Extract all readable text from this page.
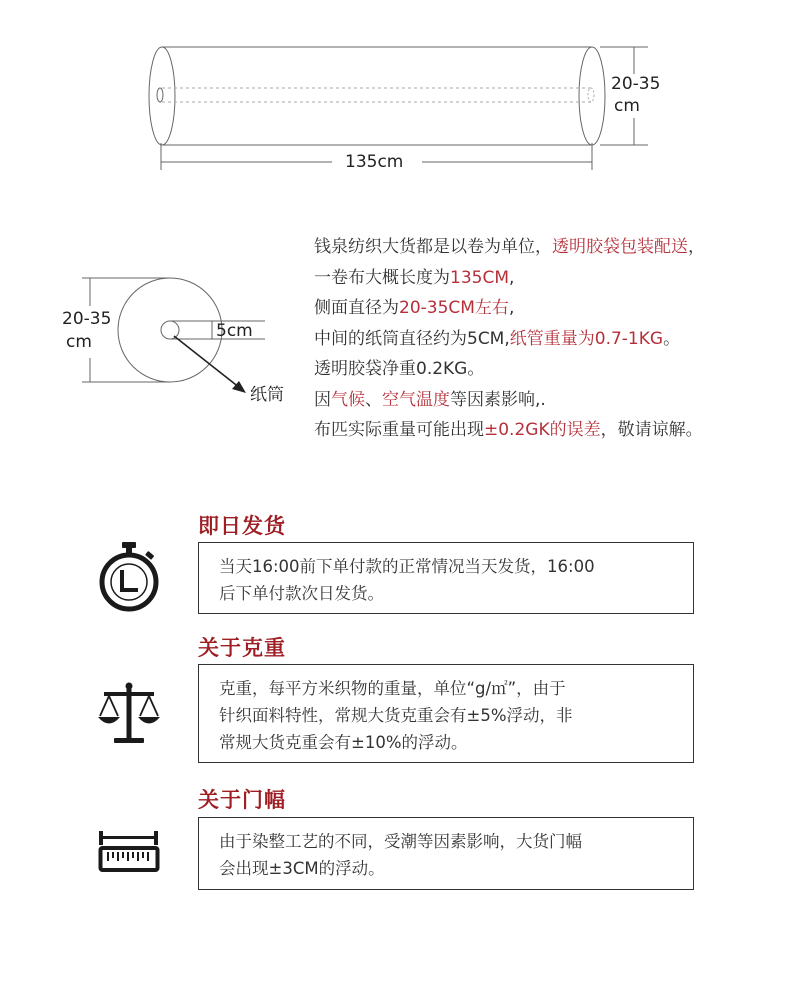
135cm
20-35
cm
20-35
cm
5cm
纸筒

钱泉纺织大货都是以卷为单位，透明胶袋包装配送，

一卷布大概长度为135CM,

侧面直径为20-35CM左右,

中间的纸筒直径约为5CM,纸管重量为0.7-1KG。

透明胶袋净重0.2KG。

因气候、空气温度等因素影响,.

布匹实际重量可能出现±0.2GK的误差，敬请谅解。

即日发货

当天16:00前下单付款的正常情况当天发货，16:00

后下单付款次日发货。

关于克重

克重，每平方米织物的重量，单位“g/㎡”，由于

针织面料特性，常规大货克重会有±5%浮动，非

常规大货克重会有±10%的浮动。

关于门幅

由于染整工艺的不同，受潮等因素影响，大货门幅

会出现±3CM的浮动。
